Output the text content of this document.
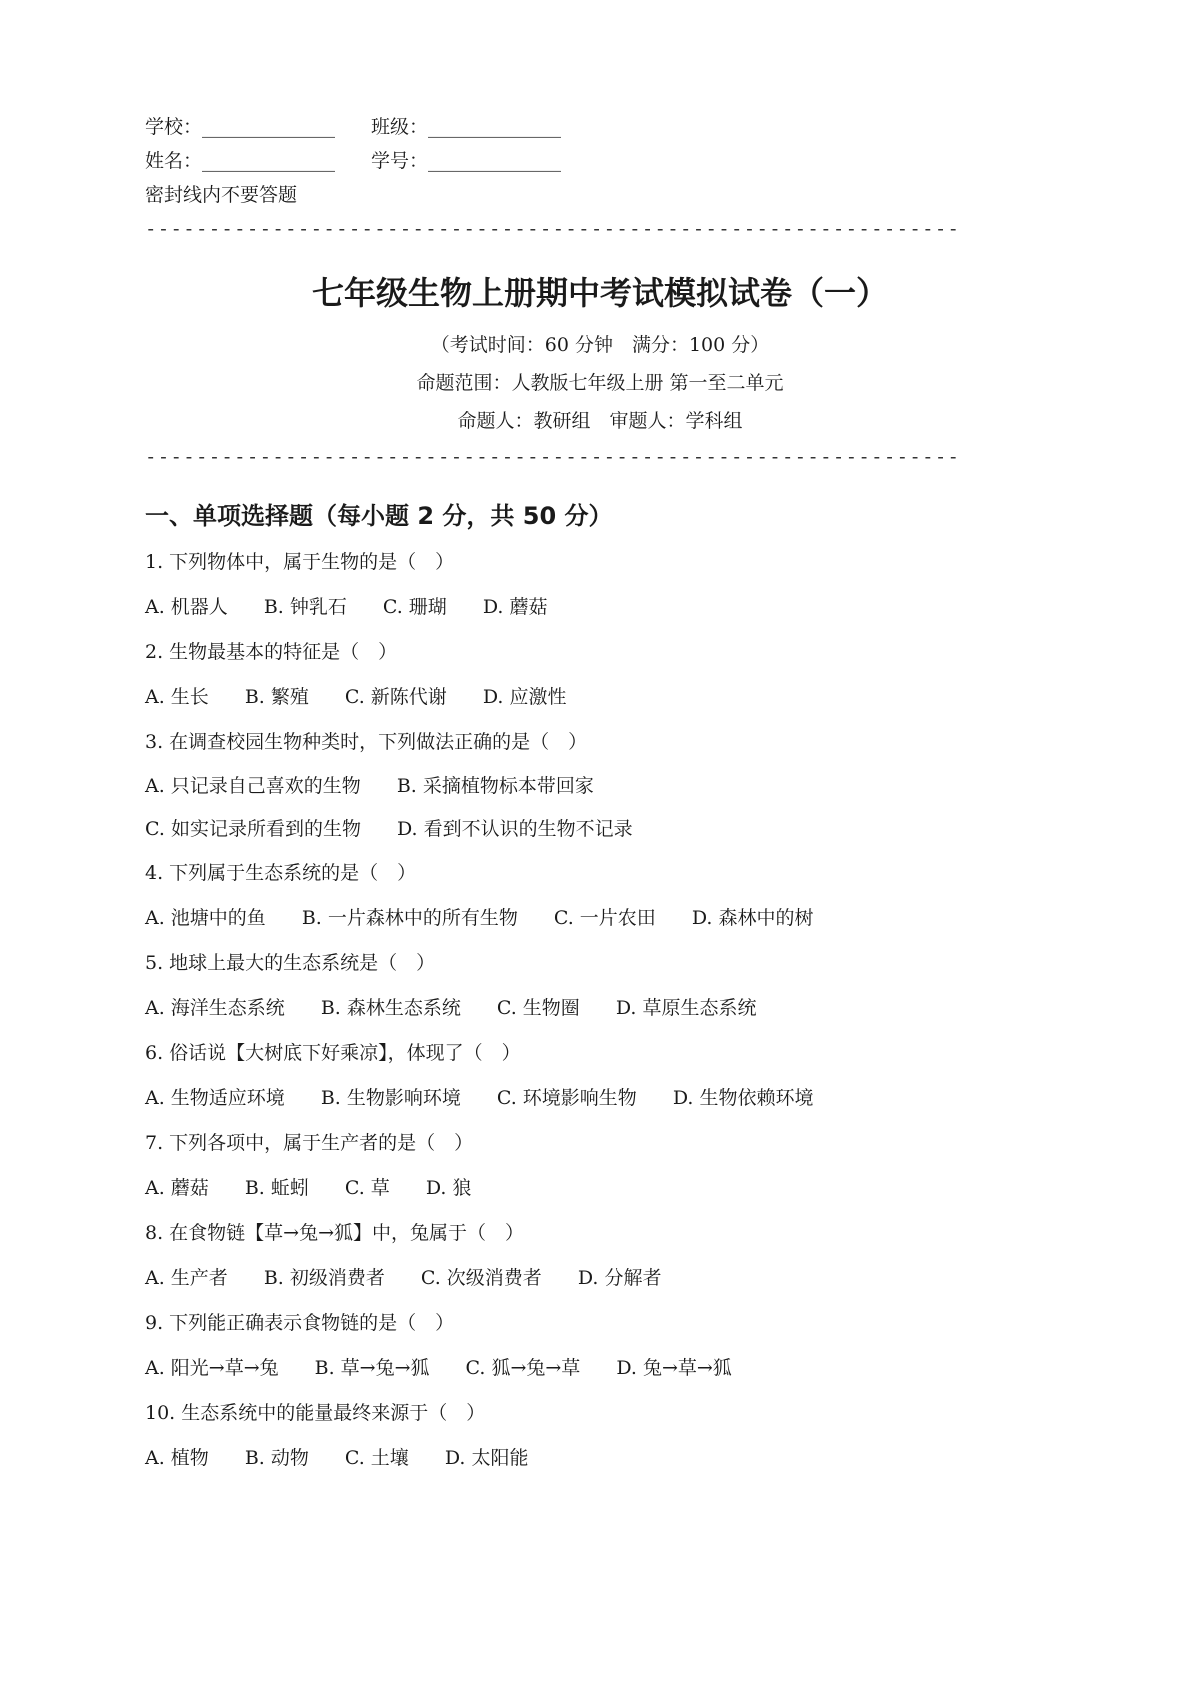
学校：______________ 班级：______________
姓名：______________ 学号：______________
密封线内不要答题
----------------------------------------------------------------
七年级生物上册期中考试模拟试卷（一）
（考试时间：60 分钟　满分：100 分）
命题范围：人教版七年级上册 第一至二单元
命题人：教研组　审题人：学科组
----------------------------------------------------------------
一、单项选择题（每小题 2 分，共 50 分）
1. 下列物体中，属于生物的是（　）
A. 机器人 B. 钟乳石 C. 珊瑚 D. 蘑菇
2. 生物最基本的特征是（　）
A. 生长 B. 繁殖 C. 新陈代谢 D. 应激性
3. 在调查校园生物种类时，下列做法正确的是（　）
A. 只记录自己喜欢的生物 B. 采摘植物标本带回家
C. 如实记录所看到的生物 D. 看到不认识的生物不记录
4. 下列属于生态系统的是（　）
A. 池塘中的鱼 B. 一片森林中的所有生物 C. 一片农田 D. 森林中的树
5. 地球上最大的生态系统是（　）
A. 海洋生态系统 B. 森林生态系统 C. 生物圈 D. 草原生态系统
6. 俗话说【大树底下好乘凉】，体现了（　）
A. 生物适应环境 B. 生物影响环境 C. 环境影响生物 D. 生物依赖环境
7. 下列各项中，属于生产者的是（　）
A. 蘑菇 B. 蚯蚓 C. 草 D. 狼
8. 在食物链【草→兔→狐】中，兔属于（　）
A. 生产者 B. 初级消费者 C. 次级消费者 D. 分解者
9. 下列能正确表示食物链的是（　）
A. 阳光→草→兔 B. 草→兔→狐 C. 狐→兔→草 D. 兔→草→狐
10. 生态系统中的能量最终来源于（　）
A. 植物 B. 动物 C. 土壤 D. 太阳能
